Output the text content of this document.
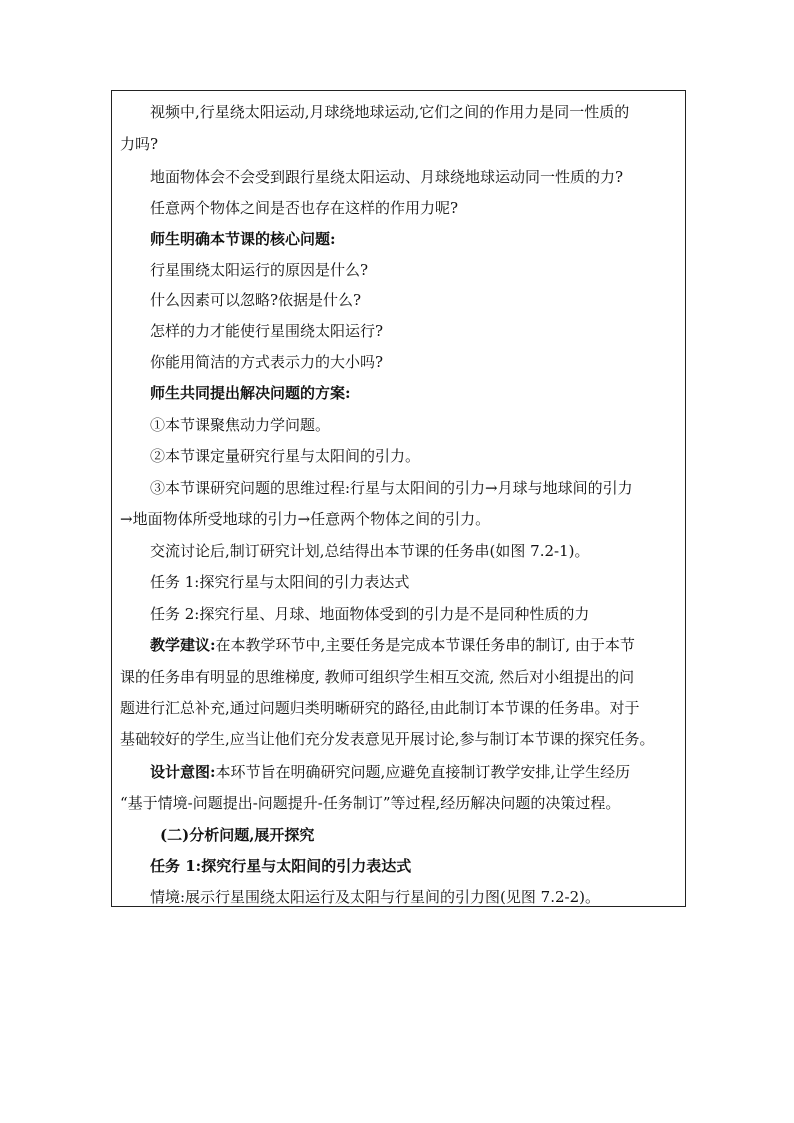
视频中,行星绕太阳运动,月球绕地球运动,它们之间的作用力是同一性质的
力吗?
地面物体会不会受到跟行星绕太阳运动、月球绕地球运动同一性质的力?
任意两个物体之间是否也存在这样的作用力呢?
师生明确本节课的核心问题:
行星围绕太阳运行的原因是什么?
什么因素可以忽略?依据是什么?
怎样的力才能使行星围绕太阳运行?
你能用简洁的方式表示力的大小吗?
师生共同提出解决问题的方案:
①本节课聚焦动力学问题。
②本节课定量研究行星与太阳间的引力。
③本节课研究问题的思维过程:行星与太阳间的引力→月球与地球间的引力
→地面物体所受地球的引力→任意两个物体之间的引力。
交流讨论后,制订研究计划,总结得出本节课的任务串(如图 7.2-1)。
任务 1:探究行星与太阳间的引力表达式
任务 2:探究行星、月球、地面物体受到的引力是不是同种性质的力
教学建议:在本教学环节中,主要任务是完成本节课任务串的制订, 由于本节
课的任务串有明显的思维梯度, 教师可组织学生相互交流, 然后对小组提出的问
题进行汇总补充,通过问题归类明晰研究的路径,由此制订本节课的任务串。对于
基础较好的学生,应当让他们充分发表意见开展讨论,参与制订本节课的探究任务。
设计意图:本环节旨在明确研究问题,应避免直接制订教学安排,让学生经历
“基于情境-问题提出-问题提升-任务制订”等过程,经历解决问题的决策过程。
(二)分析问题,展开探究
任务 1:探究行星与太阳间的引力表达式
情境:展示行星围绕太阳运行及太阳与行星间的引力图(见图 7.2-2)。
